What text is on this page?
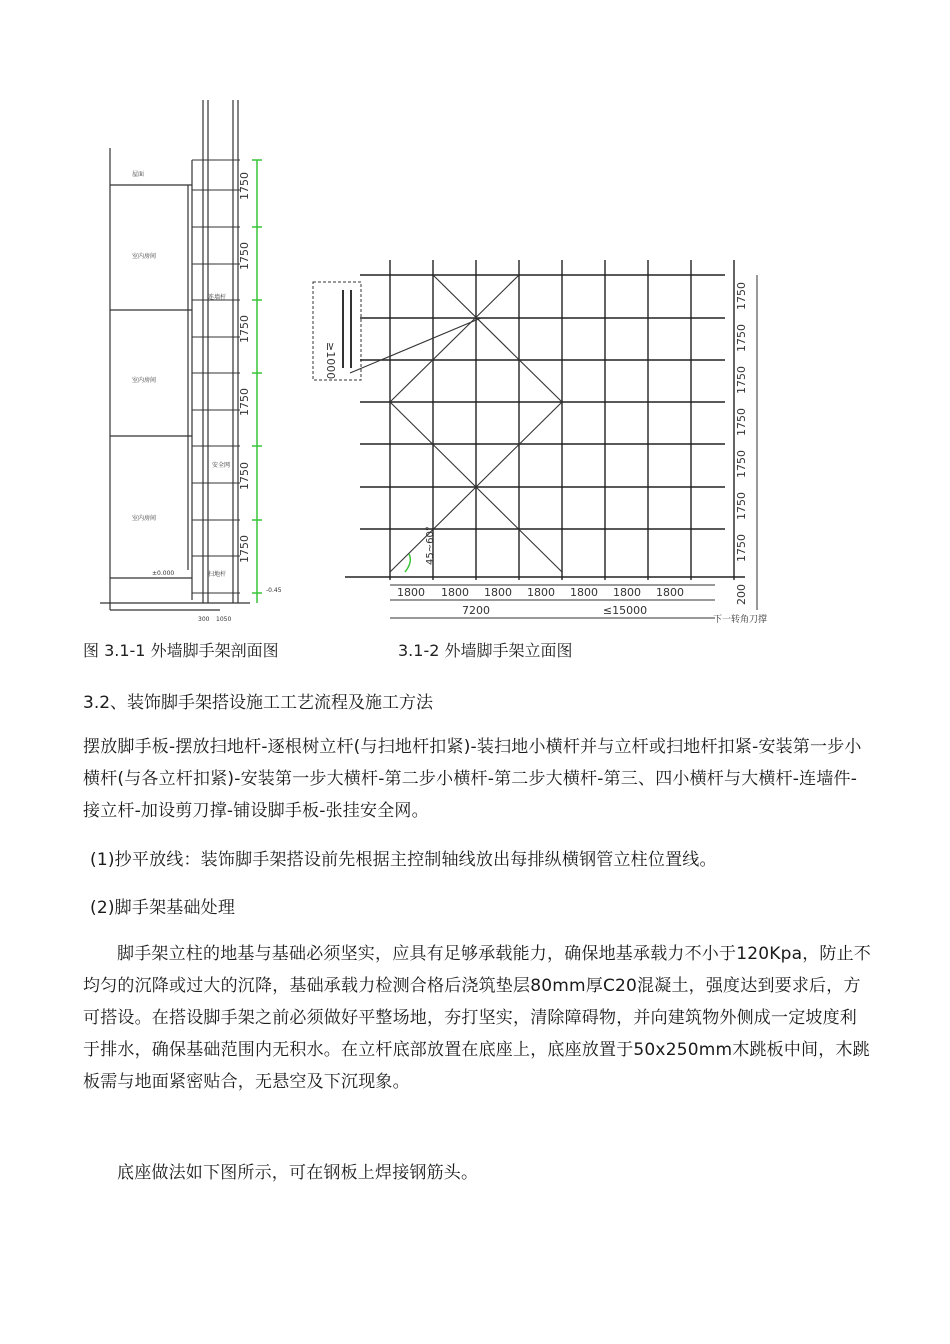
1750
1750
1750
1750
1750
1750
屋面
室内房间
室内房间
室内房间
±0.000
-0.45
连墙杆
安全网
扫地杆
300 1050
图 3.1-1 外墙脚手架剖面图
≥1000
45~60°
1750
1750
1750
1750
1750
1750
1750
200
1800 1800 1800 1800 1800 1800 1800
7200	≤15000
下一转角刀撑
3.1-2 外墙脚手架立面图
3.2、装饰脚手架搭设施工工艺流程及施工方法
摆放脚手板-摆放扫地杆-逐根树立杆(与扫地杆扣紧)-装扫地小横杆并与立杆或扫地杆扣紧-安装第一步小横杆(与各立杆扣紧)-安装第一步大横杆-第二步小横杆-第二步大横杆-第三、四小横杆与大横杆-连墙件-接立杆-加设剪刀撑-铺设脚手板-张挂安全网。
(1)抄平放线：装饰脚手架搭设前先根据主控制轴线放出每排纵横钢管立柱位置线。
(2)脚手架基础处理
脚手架立柱的地基与基础必须坚实，应具有足够承载能力，确保地基承载力不小于120Kpa，防止不均匀的沉降或过大的沉降，基础承载力检测合格后浇筑垫层80mm厚C20混凝土，强度达到要求后，方可搭设。在搭设脚手架之前必须做好平整场地，夯打坚实，清除障碍物，并向建筑物外侧成一定坡度利于排水，确保基础范围内无积水。在立杆底部放置在底座上，底座放置于50x250mm木跳板中间，木跳板需与地面紧密贴合，无悬空及下沉现象。
底座做法如下图所示，可在钢板上焊接钢筋头。
